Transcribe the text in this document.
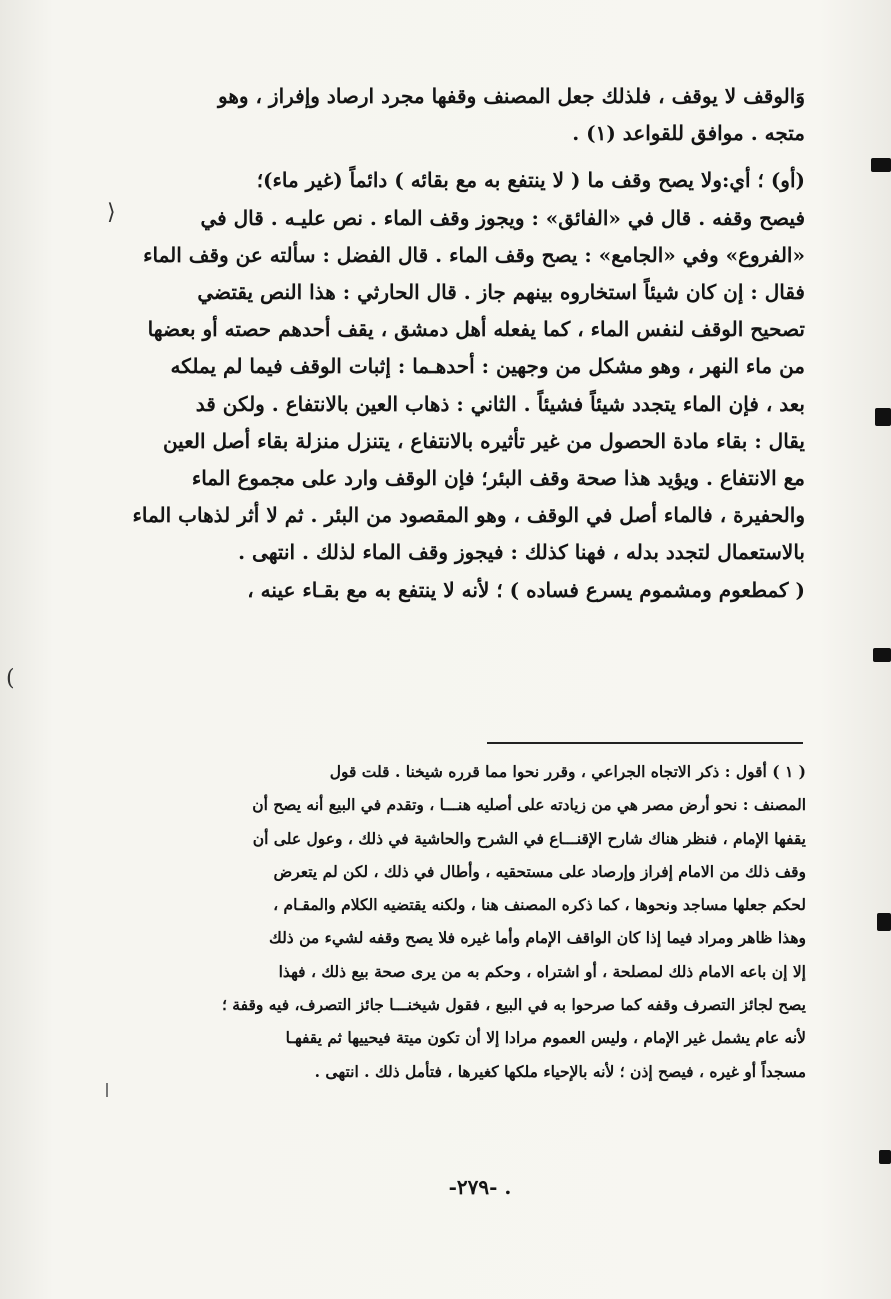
وَالوقف لا يوقف ، فلذلك جعل المصنف وقفها مجرد ارصاد وإفراز ، وهو

متجه . موافق للقواعد (١) .

(أو) ؛ أي:ولا يصح وقف ما ( لا ينتفع به مع بقائه ) دائماً (غير ماء)؛

فيصح وقفه . قال في «الفائق» : ويجوز وقف الماء . نص عليـه . قال في

«الفروع» وفي «الجامع» : يصح وقف الماء . قال الفضل : سألته عن وقف الماء

فقال : إن كان شيئاً استخاروه بينهم جاز . قال الحارثي : هذا النص يقتضي

تصحيح الوقف لنفس الماء ، كما يفعله أهل دمشق ، يقف أحدهم حصته أو بعضها

من ماء النهر ، وهو مشكل من وجهين : أحدهـما : إثبات الوقف فيما لم يملكه

بعد ، فإن الماء يتجدد شيئاً فشيئاً . الثاني : ذهاب العين بالانتفاع . ولكن قد

يقال : بقاء مادة الحصول من غير تأثيره بالانتفاع ، يتنزل منزلة بقاء أصل العين

مع الانتفاع . ويؤيد هذا صحة وقف البئر؛ فإن الوقف وارد على مجموع الماء

والحفيرة ، فالماء أصل في الوقف ، وهو المقصود من البئر . ثم لا أثر لذهاب الماء

بالاستعمال لتجدد بدله ، فهنا كذلك : فيجوز وقف الماء لذلك . انتهى .

( كمطعوم ومشموم يسرع فساده ) ؛ لأنه لا ينتفع به مع بقـاء عينه ،

( ١ ) أقول : ذكر الاتجاه الجراعي ، وقرر نحوا مما قرره شيخنا . قلت قول

المصنف : نحو أرض مصر هي من زيادته على أصليه هنـــا ، وتقدم في البيع أنه يصح أن

يقفها الإمام ، فنظر هناك شارح الإقنـــاع في الشرح والحاشية في ذلك ، وعول على أن

وقف ذلك من الامام إفراز وإرصاد على مستحقيه ، وأطال في ذلك ، لكن لم يتعرض

لحكم جعلها مساجد ونحوها ، كما ذكره المصنف هنا ، ولكنه يقتضيه الكلام والمقـام ،

وهذا ظاهر ومراد فيما إذا كان الواقف الإمام وأما غيره فلا يصح وقفه لشيء من ذلك

إلا إن باعه الامام ذلك لمصلحة ، أو اشتراه ، وحكم به من يرى صحة بيع ذلك ، فهذا

يصح لجائز التصرف وقفه كما صرحوا به في البيع ، فقول شيخنـــا جائز التصرف، فيه وقفة ؛

لأنه عام يشمل غير الإمام ، وليس العموم مرادا إلا أن تكون ميتة فيحييها ثم يقفهـا

مسجداً أو غيره ، فيصح إذن ؛ لأنه بالإحياء ملكها كغيرها ، فتأمل ذلك . انتهى .

. -٢٧٩-
⟩
(
